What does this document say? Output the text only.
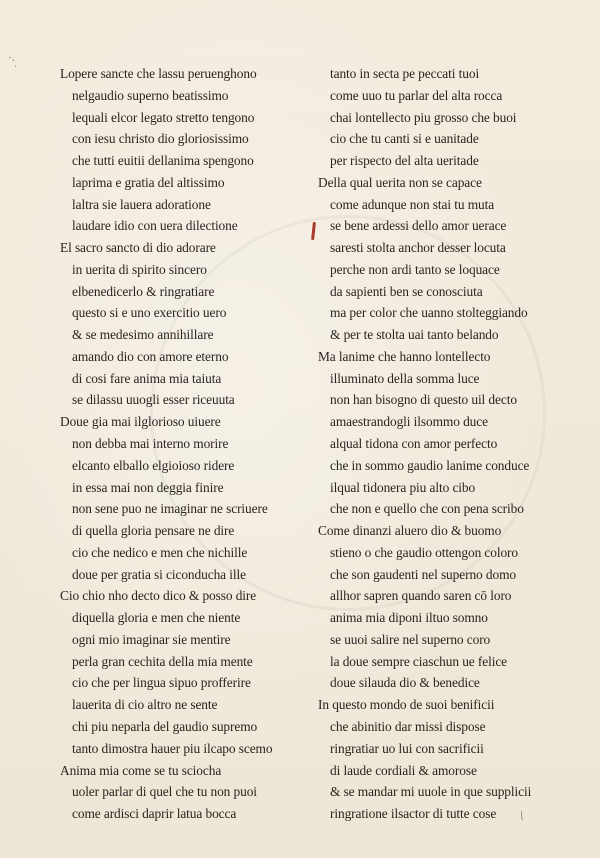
·.
·
/
Lopere sancte che lassu peruenghono
nelgaudio superno beatissimo
lequali elcor legato stretto tengono
con iesu christo dio gloriosissimo
che tutti euitii dellanima spengono
laprima e gratia del altissimo
laltra sie lauera adoratione
laudare idio con uera dilectione
El sacro sancto di dio adorare
in uerita di spirito sincero
elbenedicerlo & ringratiare
questo si e uno exercitio uero
& se medesimo annihillare
amando dio con amore eterno
di cosi fare anima mia taiuta
se dilassu uuogli esser riceuuta
Doue gia mai ilglorioso uiuere
non debba mai interno morire
elcanto elballo elgioioso ridere
in essa mai non deggia finire
non sene puo ne imaginar ne scriuere
di quella gloria pensare ne dire
cio che nedico e men che nichille
doue per gratia si ciconducha ille
Cio chio nho decto dico & posso dire
diquella gloria e men che niente
ogni mio imaginar sie mentire
perla gran cechita della mia mente
cio che per lingua sipuo profferire
lauerita di cio altro ne sente
chi piu neparla del gaudio supremo
tanto dimostra hauer piu ilcapo scemo
Anima mia come se tu sciocha
uoler parlar di quel che tu non puoi
come ardisci daprir latua bocca
tanto in secta pe peccati tuoi
come uuo tu parlar del alta rocca
chai lontellecto piu grosso che buoi
cio che tu canti si e uanitade
per rispecto del alta ueritade
Della qual uerita non se capace
come adunque non stai tu muta
se bene ardessi dello amor uerace
saresti stolta anchor desser locuta
perche non ardi tanto se loquace
da sapienti ben se conosciuta
ma per color che uanno stolteggiando
& per te stolta uai tanto belando
Ma lanime che hanno lontellecto
illuminato della somma luce
non han bisogno di questo uil decto
amaestrandogli ilsommo duce
alqual tidona con amor perfecto
che in sommo gaudio lanime conduce
ilqual tidonera piu alto cibo
che non e quello che con pena scribo
Come dinanzi aluero dio & buomo
stieno o che gaudio ottengon coloro
che son gaudenti nel superno domo
allhor sapren quando saren cō loro
anima mia diponi iltuo somno
se uuoi salire nel superno coro
la doue sempre ciaschun ue felice
doue silauda dio & benedice
In questo mondo de suoi benificii
che abinitio dar missi dispose
ringratiar uo lui con sacrificii
di laude cordiali & amorose
& se mandar mi uuole in que supplicii
ringratione ilsactor di tutte cose
